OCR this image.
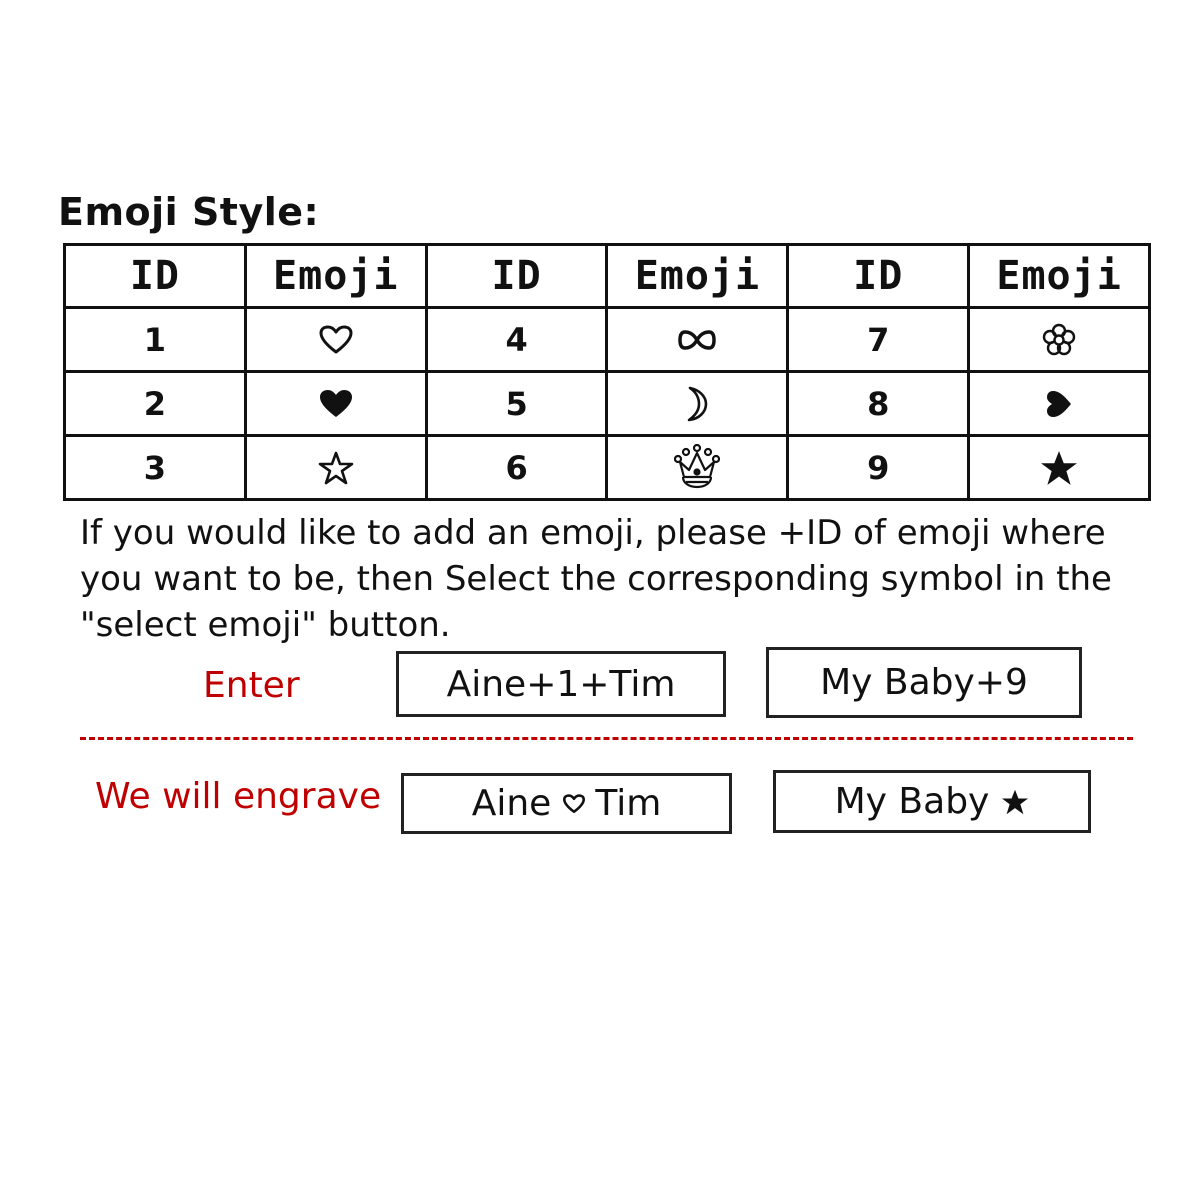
Emoji Style:
ID	Emoji	ID	Emoji	ID	Emoji
1		4		7	

2		5		8	

3		6		9	
If you would like to add an emoji, please +ID of emoji where you want to be, then Select the corresponding symbol in the "select emoji" button.
Enter	Aine+1+Tim	My Baby+9
We will engrave	Aine Tim	My Baby
